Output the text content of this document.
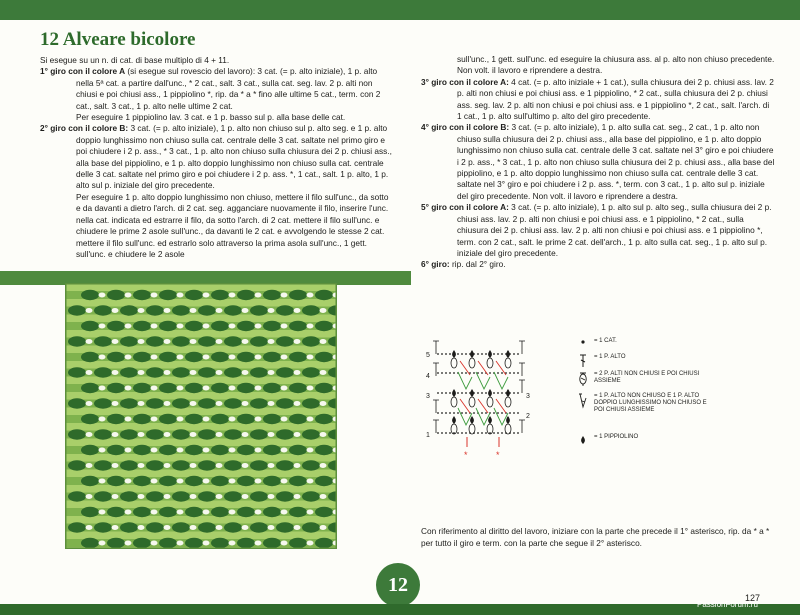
12 Alveare bicolore

Si esegue su un n. di cat. di base multiplo di 4 + 11.

1° giro con il colore A (si esegue sul rovescio del lavoro): 3 cat. (= p. alto iniziale), 1 p. alto nella 5ª cat. a partire dall'unc., * 2 cat., salt. 3 cat., sulla cat. seg. lav. 2 p. alti non chiusi e poi chiusi ass., 1 pippiolino *, rip. da * a * fino alle ultime 5 cat., term. con 2 cat., salt. 3 cat., 1 p. alto nelle ultime 2 cat.

Per eseguire 1 pippiolino lav. 3 cat. e 1 p. basso sul p. alla base delle cat.

2° giro con il colore B: 3 cat. (= p. alto iniziale), 1 p. alto non chiuso sul p. alto seg. e 1 p. alto doppio lunghissimo non chiuso sulla cat. centrale delle 3 cat. saltate nel primo giro e poi chiudere i 2 p. ass., * 3 cat., 1 p. alto non chiuso sulla chiusura dei 2 p. chiusi ass., alla base del pippiolino, e 1 p. alto doppio lunghissimo non chiuso sulla cat. centrale delle 3 cat. saltate nel primo giro e poi chiudere i 2 p. ass. *, 1 cat., salt. 1 p. alto, 1 p. alto sul p. iniziale del giro precedente.

Per eseguire 1 p. alto doppio lunghissimo non chiuso, mettere il filo sull'unc., da sotto e da davanti a dietro l'arch. di 2 cat. seg. agganciare nuovamente il filo, inserire l'unc. nella cat. indicata ed estrarre il filo, da sotto l'arch. di 2 cat. mettere il filo sull'unc. e chiudere le prime 2 asole sull'unc., da davanti le 2 cat. e avvolgendo le stesse 2 cat. mettere il filo sull'unc. ed estrarlo solo attraverso la prima asola sull'unc., 1 gett. sull'unc. e chiudere le 2 asole

sull'unc., 1 gett. sull'unc. ed eseguire la chiusura ass. al p. alto non chiuso precedente.

Non volt. il lavoro e riprendere a destra.

3° giro con il colore A: 4 cat. (= p. alto iniziale + 1 cat.), sulla chiusura dei 2 p. chiusi ass. lav. 2 p. alti non chiusi e poi chiusi ass. e 1 pippiolino, * 2 cat., sulla chiusura dei 2 p. chiusi ass. seg. lav. 2 p. alti non chiusi e poi chiusi ass. e 1 pippiolino *, 2 cat., salt. l'arch. di 1 cat., 1 p. alto sull'ultimo p. alto del giro precedente.

4° giro con il colore B: 3 cat. (= p. alto iniziale), 1 p. alto sulla cat. seg., 2 cat., 1 p. alto non chiuso sulla chiusura dei 2 p. chiusi ass., alla base del pippiolino, e 1 p. alto doppio lunghissimo non chiuso sulla cat. centrale delle 3 cat. saltate nel 3° giro e poi chiudere i 2 p. ass., * 3 cat., 1 p. alto non chiuso sulla chiusura dei 2 p. chiusi ass., alla base del pippiolino, e 1 p. alto doppio lunghissimo non chiuso sulla cat. centrale delle 3 cat. saltate nel 3° giro e poi chiudere i 2 p. ass. *, term. con 3 cat., 1 p. alto sul p. iniziale del giro precedente. Non volt. il lavoro e riprendere a destra.

5° giro con il colore A: 3 cat. (= p. alto iniziale), 1 p. alto sul p. alto seg., sulla chiusura dei 2 p. chiusi ass. lav. 2 p. alti non chiusi e poi chiusi ass. e 1 pippiolino, * 2 cat., sulla chiusura dei 2 p. chiusi ass. lav. 2 p. alti non chiusi e poi chiusi ass. e 1 pippiolino *, term. con 2 cat., salt. le prime 2 cat. dell'arch., 1 p. alto sulla cat. seg., 1 p. alto sul p. iniziale del giro precedente.

6° giro: rip. dal 2° giro.

5
4
3
1
3
2
*	*
= 1 CAT.
= 1 P. ALTO
= 2 P. ALTI NON CHIUSI E POI CHIUSI ASSIEME
= 1 P. ALTO NON CHIUSO E 1 P. ALTO DOPPIO LUNGHISSIMO NON CHIUSO E POI CHIUSI ASSIEME
= 1 PIPPIOLINO

Con riferimento al diritto del lavoro, iniziare con la parte che precede il 1° asterisco, rip. da * a * per tutto il giro e term. con la parte che segue il 2° asterisco.

12
127
PassionForum.ru
